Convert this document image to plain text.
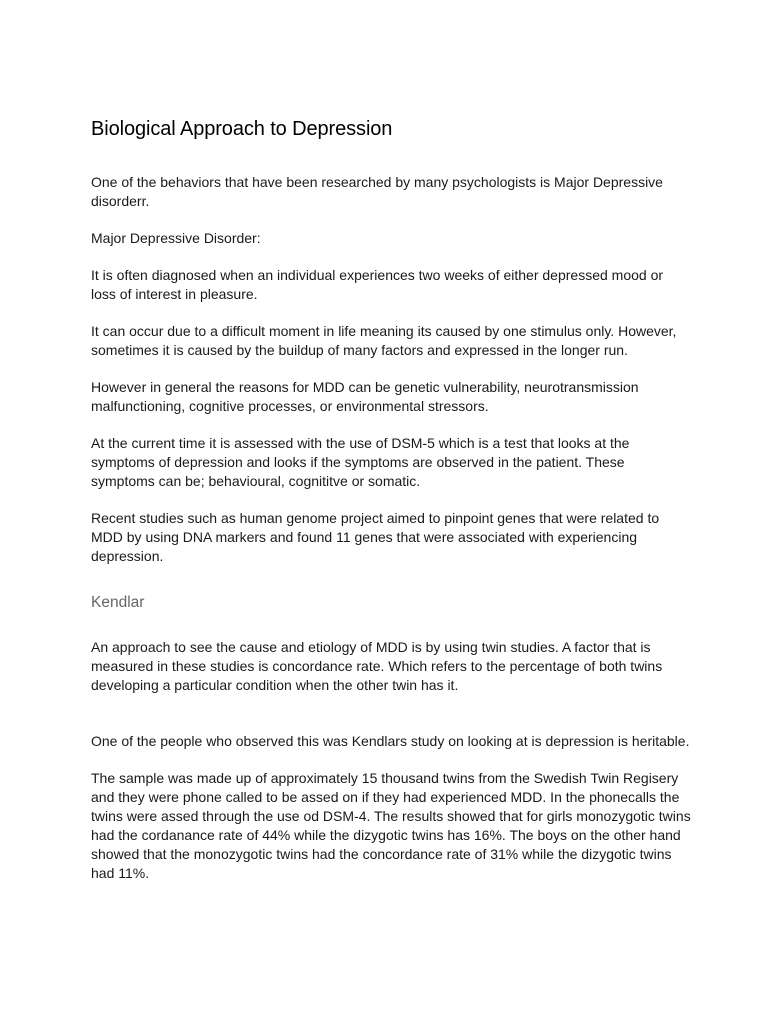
Biological Approach to Depression

One of the behaviors that have been researched by many psychologists is Major Depressive disorderr.

Major Depressive Disorder:

It is often diagnosed when an individual experiences two weeks of either depressed mood or loss of interest in pleasure.

It can occur due to a difficult moment in life meaning its caused by one stimulus only. However, sometimes it is caused by the buildup of many factors and expressed in the longer run.

However in general the reasons for MDD can be genetic vulnerability, neurotransmission malfunctioning, cognitive processes, or environmental stressors.

At the current time it is assessed with the use of DSM-5 which is a test that looks at the symptoms of depression and looks if the symptoms are observed in the patient. These symptoms can be; behavioural, cognititve or somatic.

Recent studies such as human genome project aimed to pinpoint genes that were related to MDD by using DNA markers and found 11 genes that were associated with experiencing depression.

Kendlar

An approach to see the cause and etiology of MDD is by using twin studies. A factor that is measured in these studies is concordance rate. Which refers to the percentage of both twins developing a particular condition when the other twin has it.

One of the people who observed this was Kendlars study on looking at is depression is heritable.

The sample was made up of approximately 15 thousand twins from the Swedish Twin Regisery and they were phone called to be assed on if they had experienced MDD. In the phonecalls the twins were assed through the use od DSM-4. The results showed that for girls monozygotic twins had the cordanance rate of 44% while the dizygotic twins has 16%. The boys on the other hand showed that the monozygotic twins had the concordance rate of 31% while the dizygotic twins had 11%.
